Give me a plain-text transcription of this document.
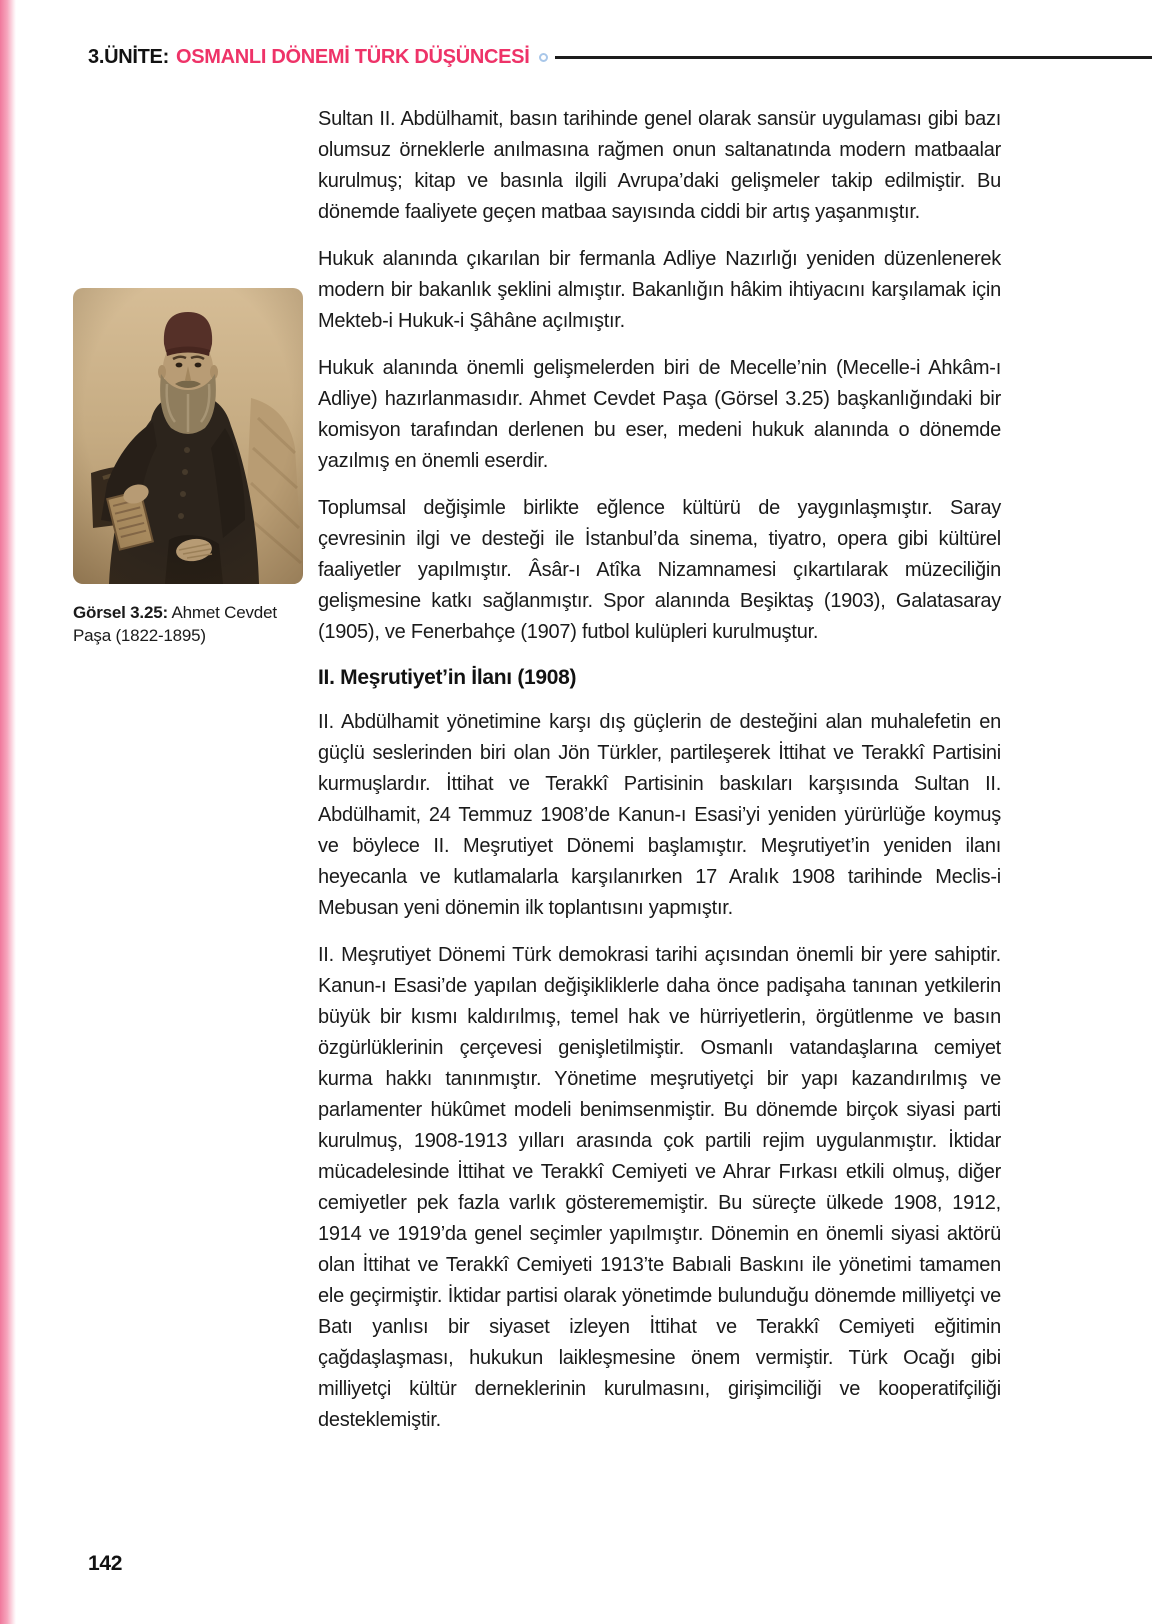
3.ÜNİTE: OSMANLI DÖNEMİ TÜRK DÜŞÜNCESİ
Görsel 3.25: Ahmet Cevdet Paşa (1822-1895)

Sultan II. Abdülhamit, basın tarihinde genel olarak sansür uygulaması gibi bazı olumsuz örneklerle anılmasına rağmen onun saltanatında modern matbaalar kurulmuş; kitap ve basınla ilgili Avrupa’daki gelişmeler takip edilmiştir. Bu dönemde faaliyete geçen matbaa sayısında ciddi bir artış yaşanmıştır.

Hukuk alanında çıkarılan bir fermanla Adliye Nazırlığı yeniden düzenlenerek modern bir bakanlık şeklini almıştır. Bakanlığın hâkim ihtiyacını karşılamak için Mekteb-i Hukuk-i Şâhâne açılmıştır.

Hukuk alanında önemli gelişmelerden biri de Mecelle’nin (Mecelle-i Ahkâm-ı Adliye) hazırlanmasıdır. Ahmet Cevdet Paşa (Görsel 3.25) başkanlığındaki bir komisyon tarafından derlenen bu eser, medeni hukuk alanında o dönemde yazılmış en önemli eserdir.

Toplumsal değişimle birlikte eğlence kültürü de yaygınlaşmıştır. Saray çevresinin ilgi ve desteği ile İstanbul’da sinema, tiyatro, opera gibi kültürel faaliyetler yapılmıştır. Âsâr-ı Atîka Nizamnamesi çıkartılarak müzeciliğin gelişmesine katkı sağlanmıştır. Spor alanında Beşiktaş (1903), Galatasaray (1905), ve Fenerbahçe (1907) futbol kulüpleri kurulmuştur.

II. Meşrutiyet’in İlanı (1908)

II. Abdülhamit yönetimine karşı dış güçlerin de desteğini alan muhalefetin en güçlü seslerinden biri olan Jön Türkler, partileşerek İttihat ve Terakkî Partisini kurmuşlardır. İttihat ve Terakkî Partisinin baskıları karşısında Sultan II. Abdülhamit, 24 Temmuz 1908’de Kanun-ı Esasi’yi yeniden yürürlüğe koymuş ve böylece II. Meşrutiyet Dönemi başlamıştır. Meşrutiyet’in yeniden ilanı heyecanla ve kutlamalarla karşılanırken 17 Aralık 1908 tarihinde Meclis-i Mebusan yeni dönemin ilk toplantısını yapmıştır.

II. Meşrutiyet Dönemi Türk demokrasi tarihi açısından önemli bir yere sahiptir. Kanun-ı Esasi’de yapılan değişikliklerle daha önce padişaha tanınan yetkilerin büyük bir kısmı kaldırılmış, temel hak ve hürriyetlerin, örgütlenme ve basın özgürlüklerinin çerçevesi genişletilmiştir. Osmanlı vatandaşlarına cemiyet kurma hakkı tanınmıştır. Yönetime meşrutiyetçi bir yapı kazandırılmış ve parlamenter hükûmet modeli benimsenmiştir. Bu dönemde birçok siyasi parti kurulmuş, 1908-1913 yılları arasında çok partili rejim uygulanmıştır. İktidar mücadelesinde İttihat ve Terakkî Cemiyeti ve Ahrar Fırkası etkili olmuş, diğer cemiyetler pek fazla varlık gösterememiştir. Bu süreçte ülkede 1908, 1912, 1914 ve 1919’da genel seçimler yapılmıştır. Dönemin en önemli siyasi aktörü olan İttihat ve Terakkî Cemiyeti 1913’te Babıali Baskını ile yönetimi tamamen ele geçirmiştir. İktidar partisi olarak yönetimde bulunduğu dönemde milliyetçi ve Batı yanlısı bir siyaset izleyen İttihat ve Terakkî Cemiyeti eğitimin çağdaşlaşması, hukukun laikleşmesine önem vermiştir. Türk Ocağı gibi milliyetçi kültür derneklerinin kurulmasını, girişimciliği ve kooperatifçiliği desteklemiştir.

142
